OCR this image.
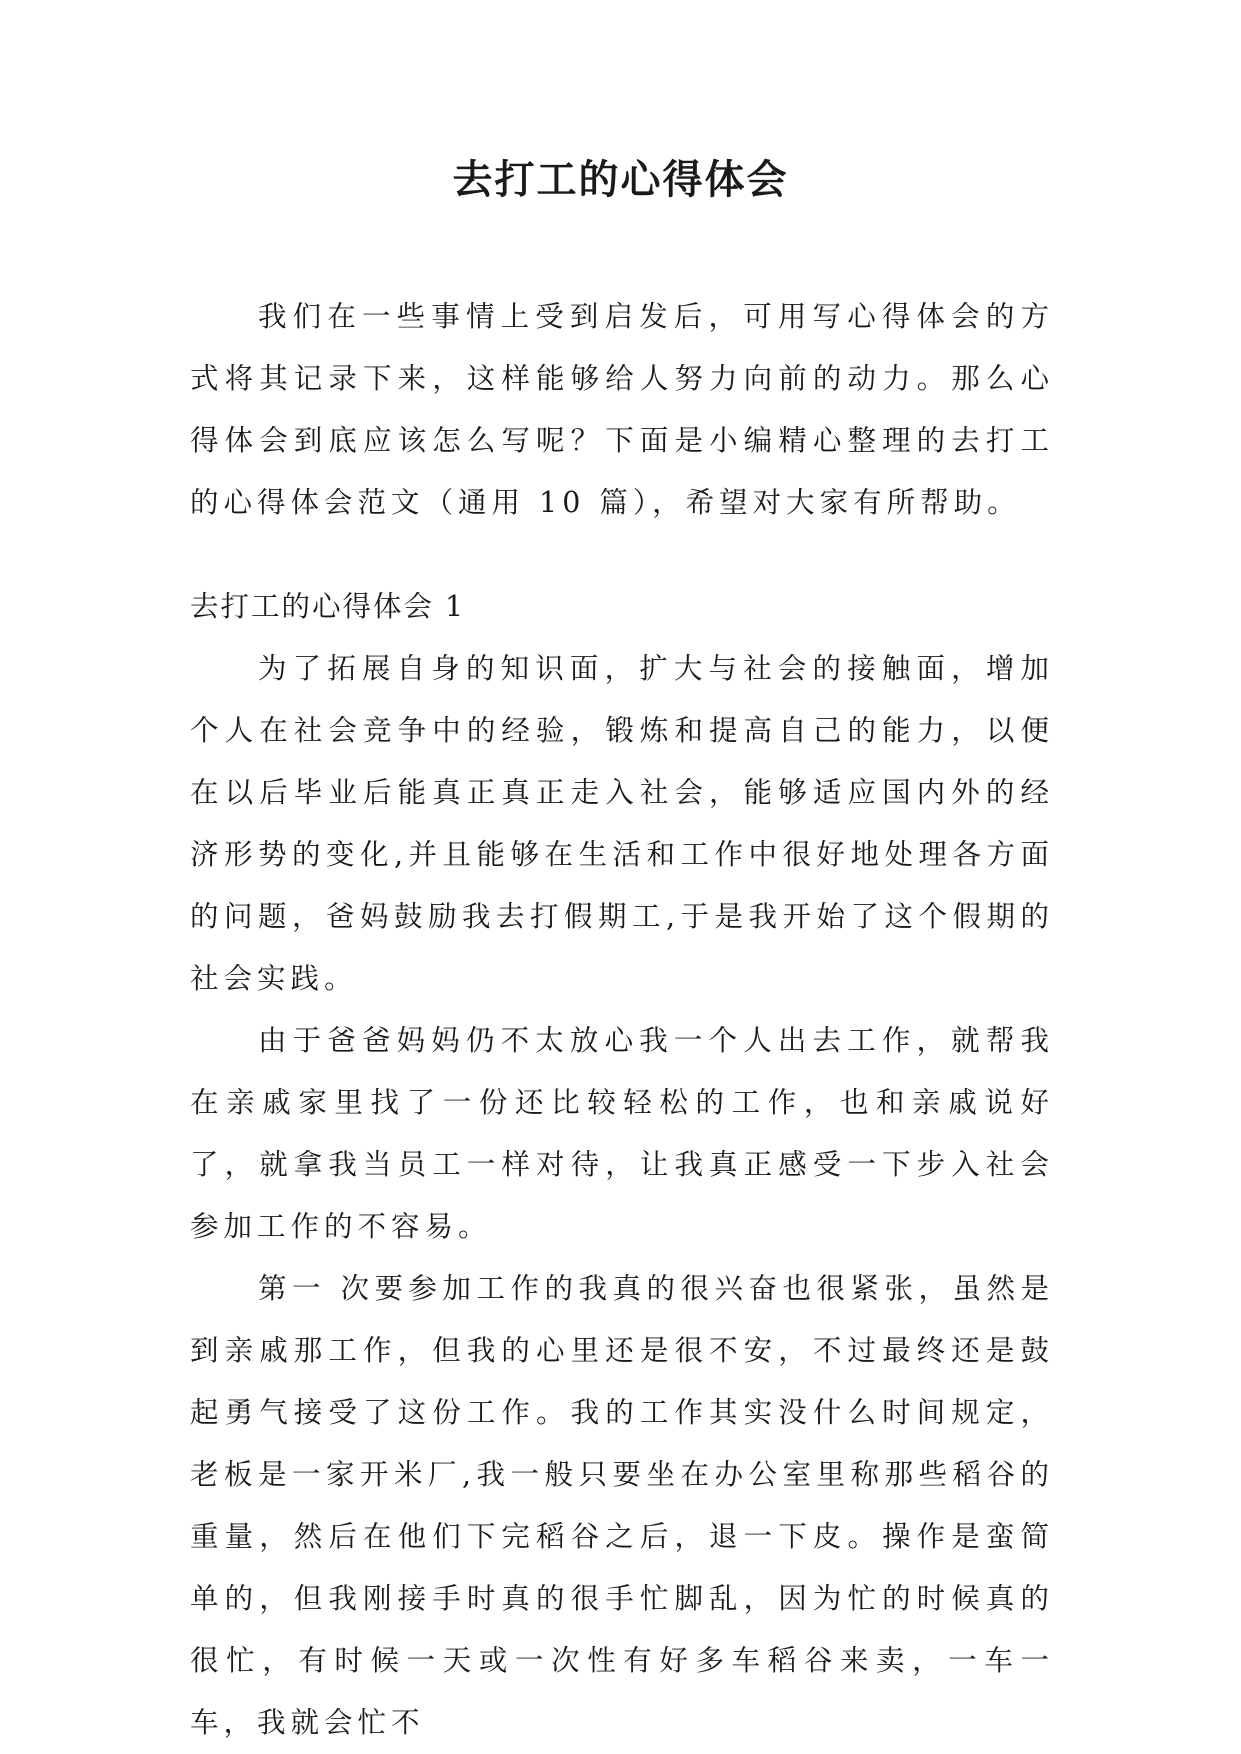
去打工的心得体会

我们在一些事情上受到启发后，可用写心得体会的方式将其记录下来，这样能够给人努力向前的动力。那么心得体会到底应该怎么写呢？下面是小编精心整理的去打工的心得体会范文（通用 10 篇），希望对大家有所帮助。

去打工的心得体会 1

为了拓展自身的知识面，扩大与社会的接触面，增加个人在社会竞争中的经验，锻炼和提高自己的能力，以便在以后毕业后能真正真正走入社会，能够适应国内外的经济形势的变化,并且能够在生活和工作中很好地处理各方面的问题，爸妈鼓励我去打假期工,于是我开始了这个假期的社会实践。

由于爸爸妈妈仍不太放心我一个人出去工作，就帮我在亲戚家里找了一份还比较轻松的工作，也和亲戚说好了，就拿我当员工一样对待，让我真正感受一下步入社会参加工作的不容易。

第一 次要参加工作的我真的很兴奋也很紧张，虽然是到亲戚那工作，但我的心里还是很不安，不过最终还是鼓起勇气接受了这份工作。我的工作其实没什么时间规定，老板是一家开米厂,我一般只要坐在办公室里称那些稻谷的重量，然后在他们下完稻谷之后，退一下皮。操作是蛮简单的，但我刚接手时真的很手忙脚乱，因为忙的时候真的很忙，有时候一天或一次性有好多车稻谷来卖，一车一车，我就会忙不
